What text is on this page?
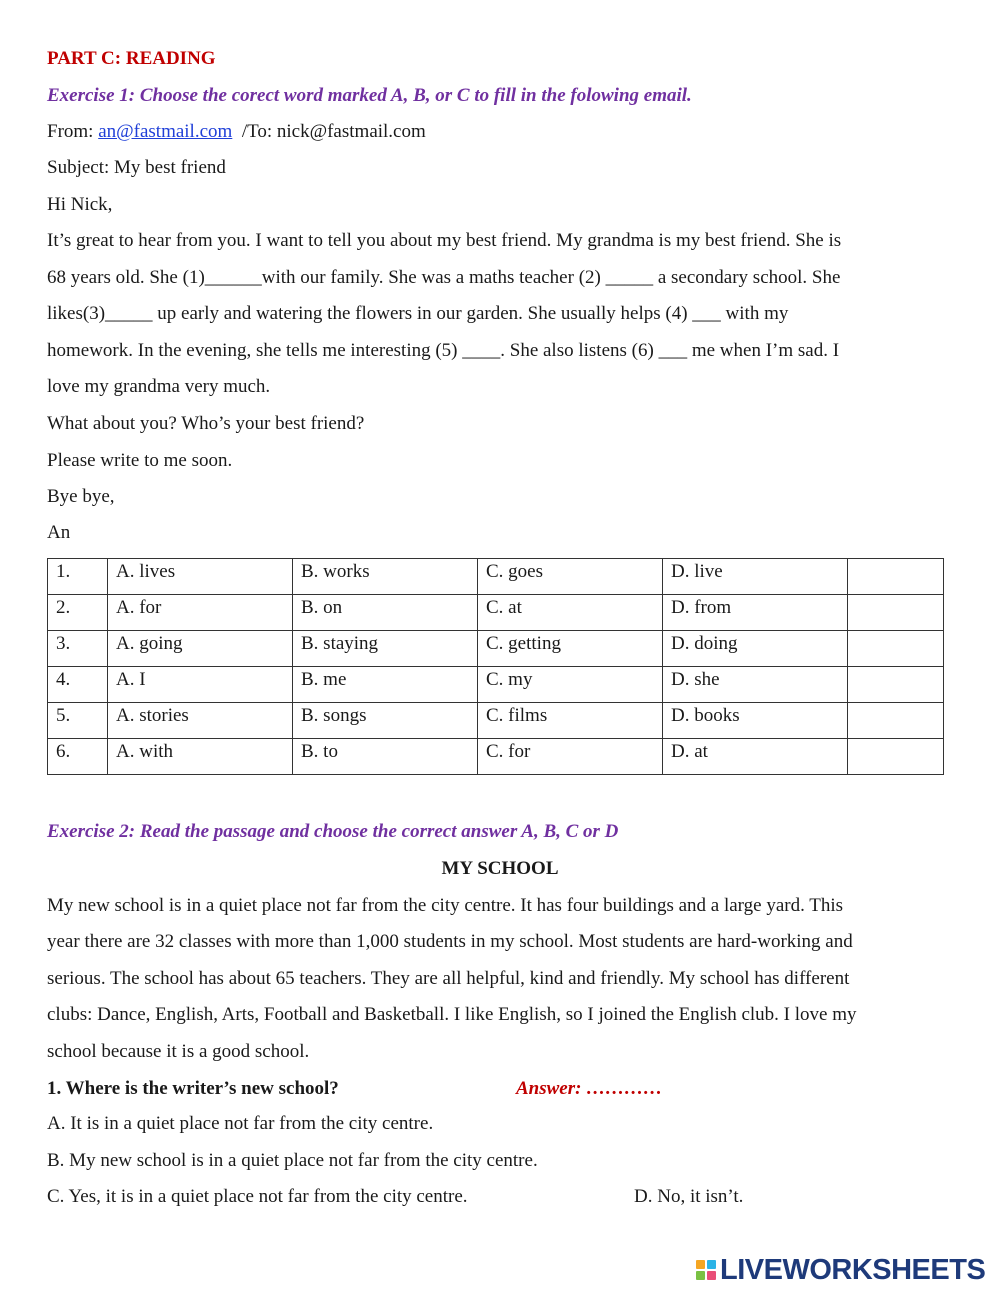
PART C: READING
Exercise 1: Choose the corect word marked A, B, or C to fill in the folowing email.
From: an@fastmail.com  /To: nick@fastmail.com
Subject: My best friend
Hi Nick,
It’s great to hear from you. I want to tell you about my best friend. My grandma is my best friend. She is
68 years old. She (1)______with our family. She was a maths teacher (2) _____ a secondary school. She
likes(3)_____ up early and watering the flowers in our garden. She usually helps (4) ___ with my
homework. In the evening, she tells me interesting (5) ____. She also listens (6) ___ me when I’m sad. I
love my grandma very much.
What about you? Who’s your best friend?
Please write to me soon.
Bye bye,
An
1.	A. lives	B. works	C. goes	D. live	
2.	A. for	B. on	C. at	D. from	
3.	A. going	B. staying	C. getting	D. doing	
4.	A. I	B. me	C. my	D. she	
5.	A. stories	B. songs	C. films	D. books	
6.	A. with	B. to	C. for	D. at	
Exercise 2: Read the passage and choose the correct answer A, B, C or D
MY SCHOOL
My new school is in a quiet place not far from the city centre. It has four buildings and a large yard. This
year there are 32 classes with more than 1,000 students in my school. Most students are hard-working and
serious. The school has about 65 teachers. They are all helpful, kind and friendly. My school has different
clubs: Dance, English, Arts, Football and Basketball. I like English, so I joined the English club. I love my
school because it is a good school.
1. Where is the writer’s new school?	Answer: …………
A. It is in a quiet place not far from the city centre.
B. My new school is in a quiet place not far from the city centre.
C. Yes, it is in a quiet place not far from the city centre.	D. No, it isn’t.
LIVEWORKSHEETS
